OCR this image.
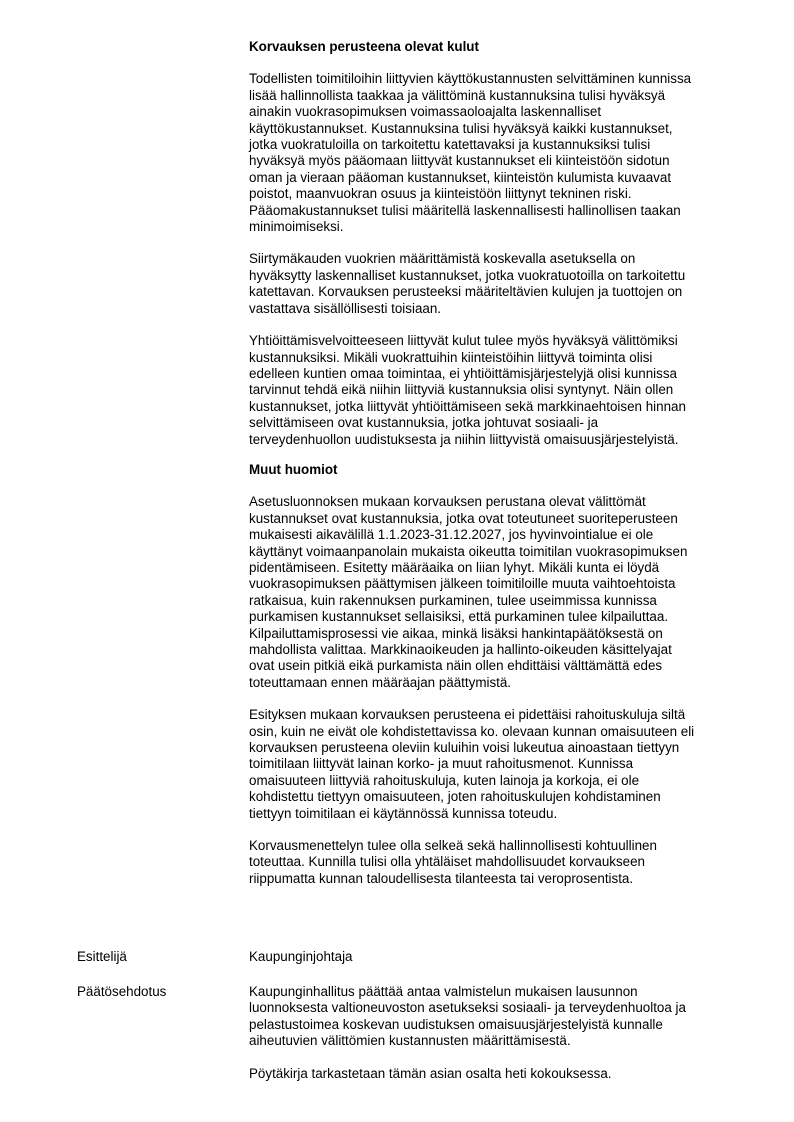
Korvauksen perusteena olevat kulut
Todellisten toimitiloihin liittyvien käyttökustannusten selvittäminen kunnissa
lisää hallinnollista taakkaa ja välittöminä kustannuksina tulisi hyväksyä
ainakin vuokrasopimuksen voimassaoloajalta laskennalliset
käyttökustannukset. Kustannuksina tulisi hyväksyä kaikki kustannukset,
jotka vuokratuloilla on tarkoitettu katettavaksi ja kustannuksiksi tulisi
hyväksyä myös pääomaan liittyvät kustannukset eli kiinteistöön sidotun
oman ja vieraan pääoman kustannukset, kiinteistön kulumista kuvaavat
poistot, maanvuokran osuus ja kiinteistöön liittynyt tekninen riski.
Pääomakustannukset tulisi määritellä laskennallisesti hallinollisen taakan
minimoimiseksi.
Siirtymäkauden vuokrien määrittämistä koskevalla asetuksella on
hyväksytty laskennalliset kustannukset, jotka vuokratuotoilla on tarkoitettu
katettavan. Korvauksen perusteeksi määriteltävien kulujen ja tuottojen on
vastattava sisällöllisesti toisiaan.
Yhtiöittämisvelvoitteeseen liittyvät kulut tulee myös hyväksyä välittömiksi
kustannuksiksi. Mikäli vuokrattuihin kiinteistöihin liittyvä toiminta olisi
edelleen kuntien omaa toimintaa, ei yhtiöittämisjärjestelyjä olisi kunnissa
tarvinnut tehdä eikä niihin liittyviä kustannuksia olisi syntynyt. Näin ollen
kustannukset, jotka liittyvät yhtiöittämiseen sekä markkinaehtoisen hinnan
selvittämiseen ovat kustannuksia, jotka johtuvat sosiaali- ja
terveydenhuollon uudistuksesta ja niihin liittyvistä omaisuusjärjestelyistä.
Muut huomiot
Asetusluonnoksen mukaan korvauksen perustana olevat välittömät
kustannukset ovat kustannuksia, jotka ovat toteutuneet suoriteperusteen
mukaisesti aikavälillä 1.1.2023-31.12.2027, jos hyvinvointialue ei ole
käyttänyt voimaanpanolain mukaista oikeutta toimitilan vuokrasopimuksen
pidentämiseen. Esitetty määräaika on liian lyhyt. Mikäli kunta ei löydä
vuokrasopimuksen päättymisen jälkeen toimitiloille muuta vaihtoehtoista
ratkaisua, kuin rakennuksen purkaminen, tulee useimmissa kunnissa
purkamisen kustannukset sellaisiksi, että purkaminen tulee kilpailuttaa.
Kilpailuttamisprosessi vie aikaa, minkä lisäksi hankintapäätöksestä on
mahdollista valittaa. Markkinaoikeuden ja hallinto-oikeuden käsittelyajat
ovat usein pitkiä eikä purkamista näin ollen ehdittäisi välttämättä edes
toteuttamaan ennen määräajan päättymistä.
Esityksen mukaan korvauksen perusteena ei pidettäisi rahoituskuluja siltä
osin, kuin ne eivät ole kohdistettavissa ko. olevaan kunnan omaisuuteen eli
korvauksen perusteena oleviin kuluihin voisi lukeutua ainoastaan tiettyyn
toimitilaan liittyvät lainan korko- ja muut rahoitusmenot. Kunnissa
omaisuuteen liittyviä rahoituskuluja, kuten lainoja ja korkoja, ei ole
kohdistettu tiettyyn omaisuuteen, joten rahoituskulujen kohdistaminen
tiettyyn toimitilaan ei käytännössä kunnissa toteudu.
Korvausmenettelyn tulee olla selkeä sekä hallinnollisesti kohtuullinen
toteuttaa. Kunnilla tulisi olla yhtäläiset mahdollisuudet korvaukseen
riippumatta kunnan taloudellisesta tilanteesta tai veroprosentista.
Esittelijä	Kaupunginjohtaja
Päätösehdotus	Kaupunginhallitus päättää antaa valmistelun mukaisen lausunnon
luonnoksesta valtioneuvoston asetukseksi sosiaali- ja terveydenhuoltoa ja
pelastustoimea koskevan uudistuksen omaisuusjärjestelyistä kunnalle
aiheutuvien välittömien kustannusten määrittämisestä.
Pöytäkirja tarkastetaan tämän asian osalta heti kokouksessa.
